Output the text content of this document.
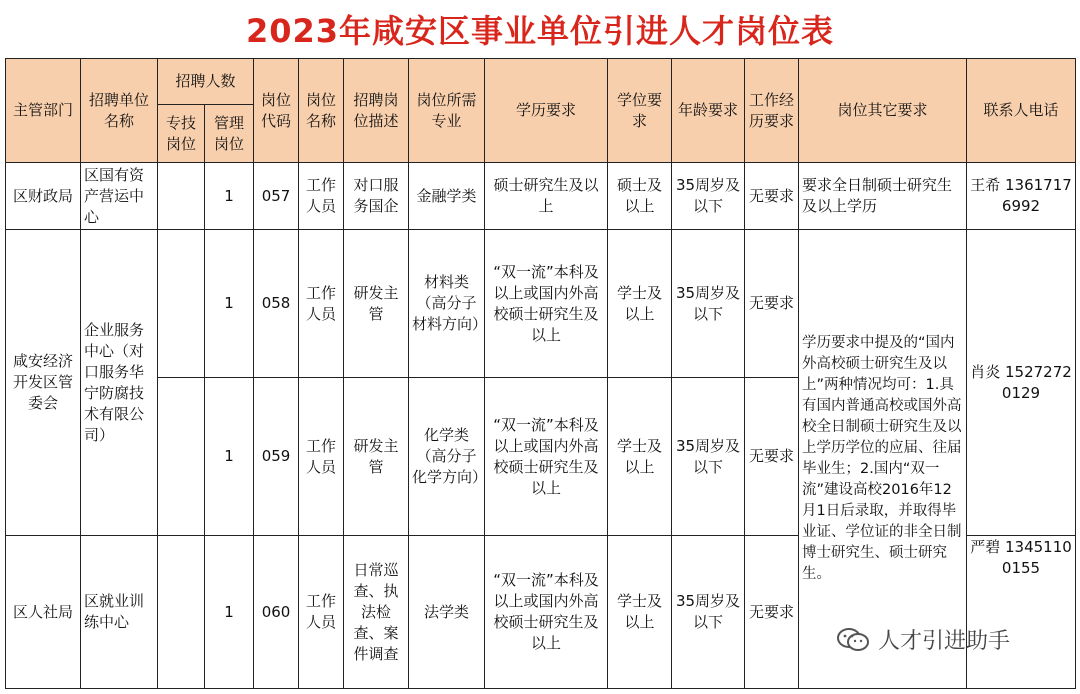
2023年咸安区事业单位引进人才岗位表
主管部门	招聘单位名称	招聘人数		岗位代码	岗位名称	招聘岗位描述	岗位所需专业	学历要求	学位要求	年龄要求	工作经历要求	岗位其它要求	联系人电话
		专技岗位	管理岗位										
区财政局	区国有资产营运中心		1	057	工作人员	对口服务国企	金融学类	硕士研究生及以上	硕士及以上	35周岁及以下	无要求	要求全日制硕士研究生及以上学历	王希 13617176992
咸安经济开发区管委会	企业服务中心（对口服务华宁防腐技术有限公司）		1	058	工作人员	研发主管	材料类（高分子材料方向）	“双一流”本科及以上或国内外高校硕士研究生及以上	学士及以上	35周岁及以下	无要求	学历要求中提及的“国内外高校硕士研究生及以上”两种情况均可：1.具有国内普通高校或国外高校全日制硕士研究生及以上学历学位的应届、往届毕业生；2.国内“双一流”建设高校2016年12月1日后录取，并取得毕业证、学位证的非全日制博士研究生、硕士研究生。	肖炎 15272720129
			1	059	工作人员	研发主管	化学类（高分子化学方向）	“双一流”本科及以上或国内外高校硕士研究生及以上	学士及以上	35周岁及以下	无要求		
区人社局	区就业训练中心		1	060	工作人员	日常巡查、执法检查、案件调查	法学类	“双一流”本科及以上或国内外高校硕士研究生及以上	学士及以上	35周岁及以下	无要求		严碧 13451100155
人才引进助手
